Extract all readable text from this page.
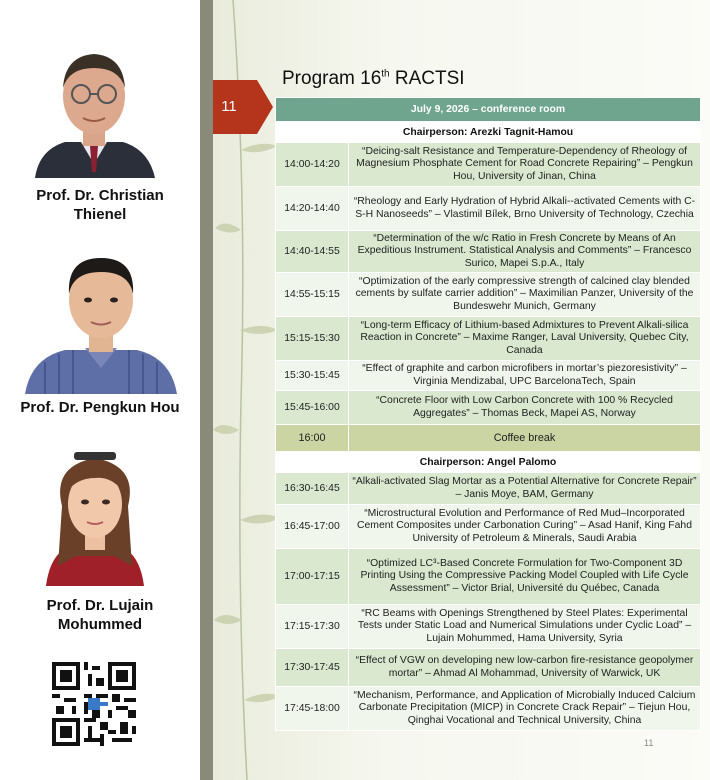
Prof. Dr. Christian Thienel
Prof. Dr. Pengkun Hou
Prof. Dr. Lujain Mohummed
Program 16th RACTSI
11
11	July 9, 2026 – conference room	
Chairperson: Arezki Tagnit-Hamou	
14:00-14:20	“Deicing-salt Resistance and Temperature-Dependency of Rheology of Magnesium Phosphate Cement for Road Concrete Repairing” – Pengkun Hou, University of Jinan, China
14:20-14:40	“Rheology and Early Hydration of Hybrid Alkali--activated Cements with C-S-H Nanoseeds” – Vlastimil Bílek, Brno University of Technology, Czechia
14:40-14:55	“Determination of the w/c Ratio in Fresh Concrete by Means of An Expeditious Instrument. Statistical Analysis and Comments” – Francesco Surico, Mapei S.p.A., Italy
14:55-15:15	“Optimization of the early compressive strength of calcined clay blended cements by sulfate carrier addition” – Maximilian Panzer, University of the Bundeswehr Munich, Germany
15:15-15:30	“Long-term Efficacy of Lithium-based Admixtures to Prevent Alkali-silica Reaction in Concrete” – Maxime Ranger, Laval University, Quebec City, Canada
15:30-15:45	“Effect of graphite and carbon microfibers in mortar’s piezoresistivity” – Virginia Mendizabal, UPC BarcelonaTech, Spain
15:45-16:00	“Concrete Floor with Low Carbon Concrete with 100 % Recycled Aggregates” – Thomas Beck, Mapei AS, Norway
16:00	Coffee break
Chairperson: Angel Palomo	
16:30-16:45	“Alkali-activated Slag Mortar as a Potential Alternative for Concrete Repair” – Janis Moye, BAM, Germany
16:45-17:00	“Microstructural Evolution and Performance of Red Mud–Incorporated Cement Composites under Carbonation Curing” – Asad Hanif, King Fahd University of Petroleum & Minerals, Saudi Arabia
17:00-17:15	“Optimized LC³-Based Concrete Formulation for Two-Component 3D Printing Using the Compressive Packing Model Coupled with Life Cycle Assessment” – Victor Brial, Université du Québec, Canada
17:15-17:30	“RC Beams with Openings Strengthened by Steel Plates: Experimental Tests under Static Load and Numerical Simulations under Cyclic Load” – Lujain Mohummed, Hama University, Syria
17:30-17:45	“Effect of VGW on developing new low-carbon fire-resistance geopolymer mortar” – Ahmad Al Mohammad, University of Warwick, UK
17:45-18:00	“Mechanism, Performance, and Application of Microbially Induced Calcium Carbonate Precipitation (MICP) in Concrete Crack Repair” – Tiejun Hou, Qinghai Vocational and Technical University, China
